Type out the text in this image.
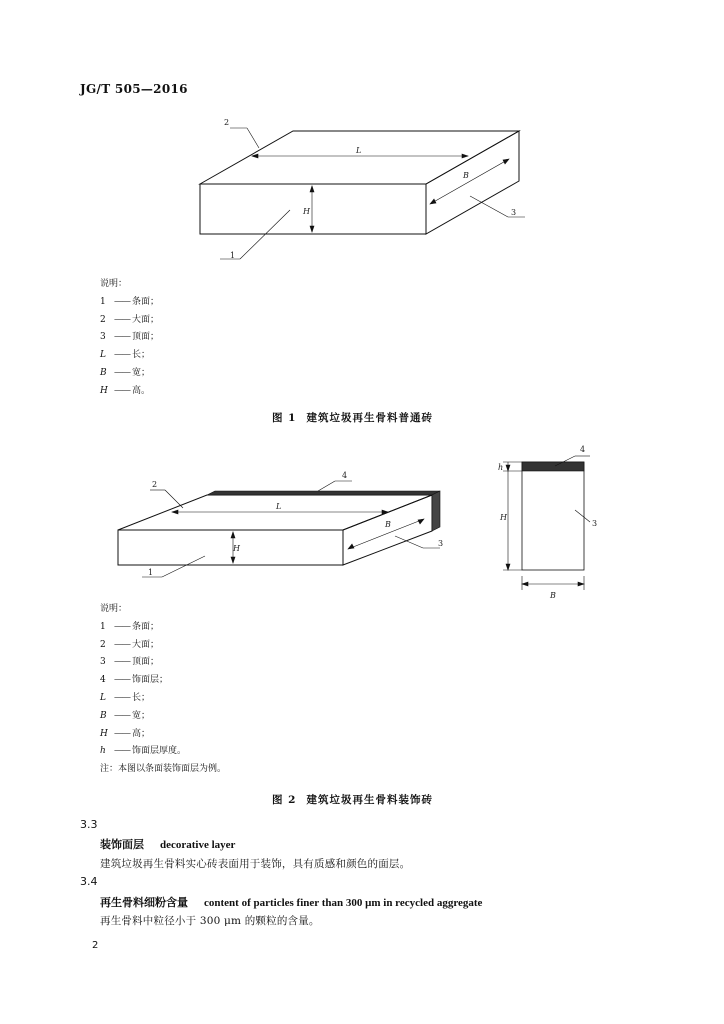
JG/T 505—2016
2
1
3
L
B
H
说明：
1 —— 条面；
2 —— 大面；
3 —— 顶面；
L —— 长；
B —— 宽；
H —— 高。
图 1 建筑垃圾再生骨料普通砖
2
1
3
4
L
B
H
4
3
h
H
B
说明：
1 —— 条面；
2 —— 大面；
3 —— 顶面；
4 —— 饰面层；
L —— 长；
B —— 宽；
H —— 高；
h —— 饰面层厚度。
注：本图以条面装饰面层为例。
图 2 建筑垃圾再生骨料装饰砖
3.3
装饰面层 decorative layer
建筑垃圾再生骨料实心砖表面用于装饰，具有质感和颜色的面层。
3.4
再生骨料细粉含量 content of particles finer than 300 μm in recycled aggregate
再生骨料中粒径小于 300 μm 的颗粒的含量。
2
